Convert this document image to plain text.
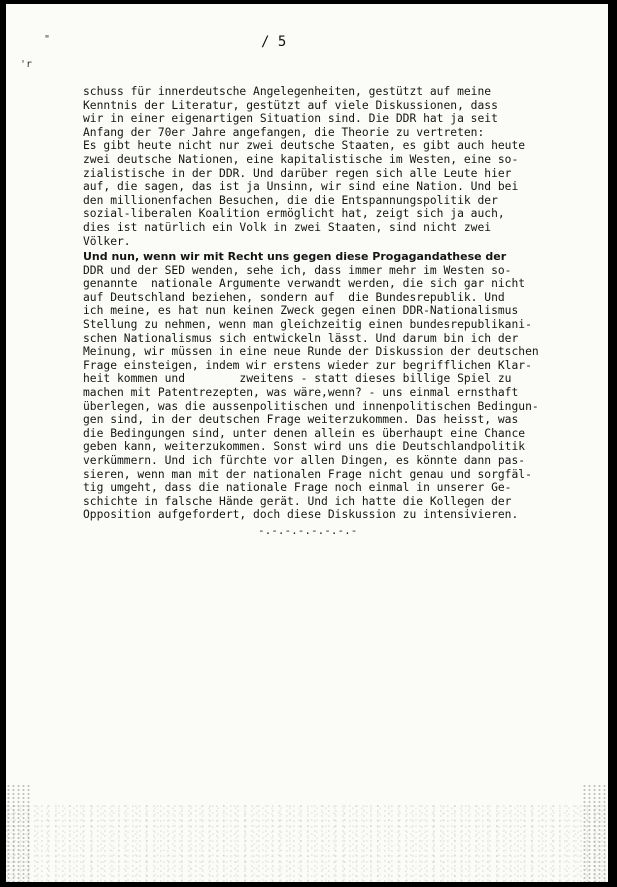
"
'r
/ 5
schuss für innerdeutsche Angelegenheiten, gestützt auf meine
Kenntnis der Literatur, gestützt auf viele Diskussionen, dass
wir in einer eigenartigen Situation sind. Die DDR hat ja seit
Anfang der 70er Jahre angefangen, die Theorie zu vertreten:
Es gibt heute nicht nur zwei deutsche Staaten, es gibt auch heute
zwei deutsche Nationen, eine kapitalistische im Westen, eine so-
zialistische in der DDR. Und darüber regen sich alle Leute hier
auf, die sagen, das ist ja Unsinn, wir sind eine Nation. Und bei
den millionenfachen Besuchen, die die Entspannungspolitik der
sozial-liberalen Koalition ermöglicht hat, zeigt sich ja auch,
dies ist natürlich ein Volk in zwei Staaten, sind nicht zwei
Völker.
Und nun, wenn wir mit Recht uns gegen diese Progagandathese der
DDR und der SED wenden, sehe ich, dass immer mehr im Westen so-
genannte  nationale Argumente verwandt werden, die sich gar nicht
auf Deutschland beziehen, sondern auf  die Bundesrepublik. Und
ich meine, es hat nun keinen Zweck gegen einen DDR-Nationalismus
Stellung zu nehmen, wenn man gleichzeitig einen bundesrepublikani-
schen Nationalismus sich entwickeln lässt. Und darum bin ich der
Meinung, wir müssen in eine neue Runde der Diskussion der deutschen
Frage einsteigen, indem wir erstens wieder zur begrifflichen Klar-
heit kommen und        zweitens - statt dieses billige Spiel zu
machen mit Patentrezepten, was wäre,wenn? - uns einmal ernsthaft
überlegen, was die aussenpolitischen und innenpolitischen Bedingun-
gen sind, in der deutschen Frage weiterzukommen. Das heisst, was
die Bedingungen sind, unter denen allein es überhaupt eine Chance
geben kann, weiterzukommen. Sonst wird uns die Deutschlandpolitik
verkümmern. Und ich fürchte vor allen Dingen, es könnte dann pas-
sieren, wenn man mit der nationalen Frage nicht genau und sorgfäl-
tig umgeht, dass die nationale Frage noch einmal in unserer Ge-
schichte in falsche Hände gerät. Und ich hatte die Kollegen der
Opposition aufgefordert, doch diese Diskussion zu intensivieren.
-.-.-.-.-.-.-.-
